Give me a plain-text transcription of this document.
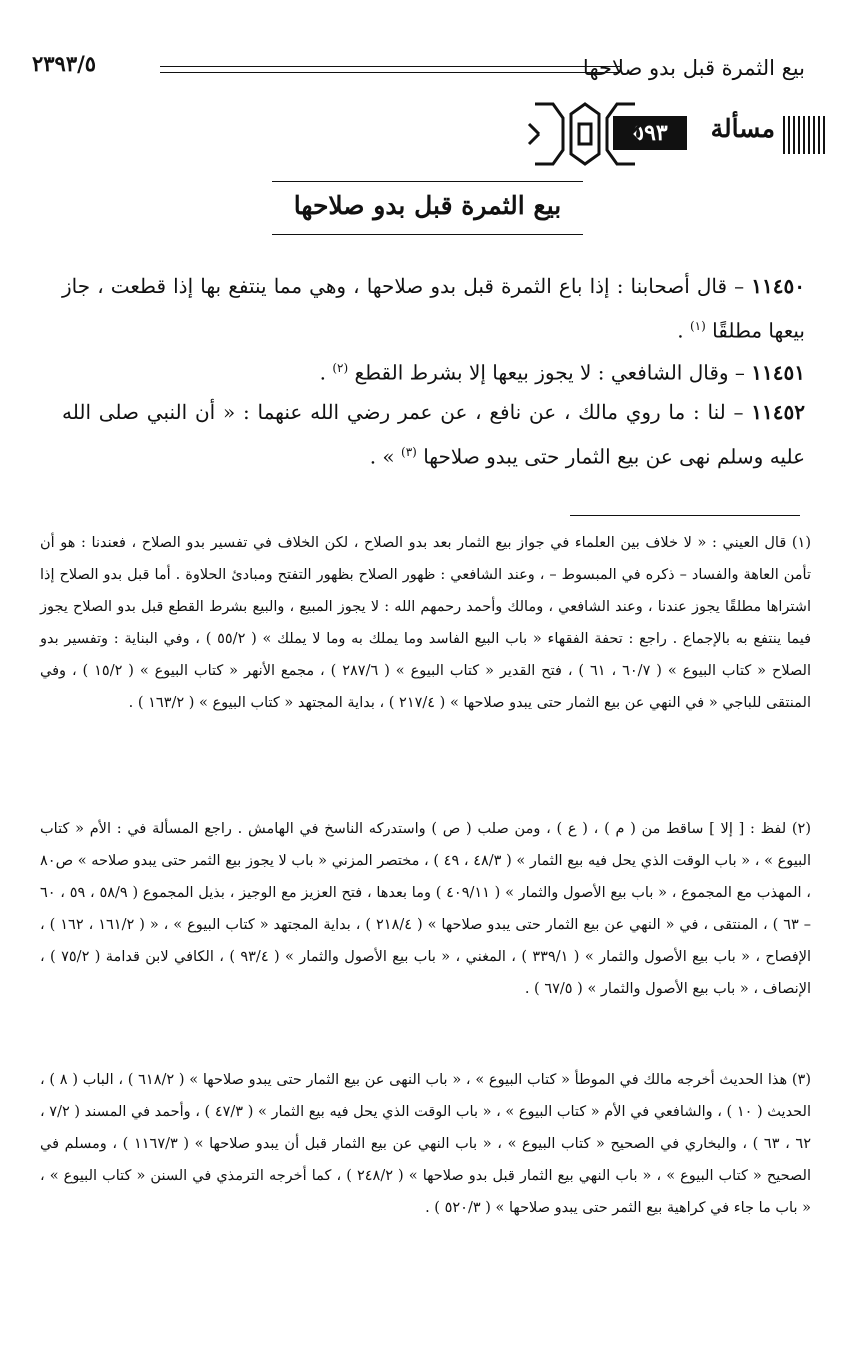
بيع الثمرة قبل بدو صلاحها
٢٣٩٣/٥
مسألة
٥٩٣
بيع الثمرة قبل بدو صلاحها
١١٤٥٠ – قال أصحابنا : إذا باع الثمرة قبل بدو صلاحها ، وهي مما ينتفع بها إذا قطعت ، جاز بيعها مطلقًا $^{(١)}$ .
١١٤٥١ – وقال الشافعي : لا يجوز بيعها إلا بشرط القطع $^{(٢)}$ .
١١٤٥٢ – لنا : ما روي مالك ، عن نافع ، عن عمر رضي الله عنهما : « أن النبي صلى الله عليه وسلم نهى عن بيع الثمار حتى يبدو صلاحها $^{(٣)}$ » .
(١) قال العيني : « لا خلاف بين العلماء في جواز بيع الثمار بعد بدو الصلاح ، لكن الخلاف في تفسير بدو الصلاح ، فعندنا : هو أن تأمن العاهة والفساد – ذكره في المبسوط – ، وعند الشافعي : ظهور الصلاح بظهور التفتح ومبادئ الحلاوة . أما قبل بدو الصلاح إذا اشتراها مطلقًا يجوز عندنا ، وعند الشافعي ، ومالك وأحمد رحمهم الله : لا يجوز المبيع ، والبيع بشرط القطع قبل بدو الصلاح يجوز فيما ينتفع به بالإجماع . راجع : تحفة الفقهاء « باب البيع الفاسد وما يملك به وما لا يملك » ( ٥٥/٢ ) ، وفي البناية : وتفسير بدو الصلاح « كتاب البيوع » ( ٦٠/٧ ، ٦١ ) ، فتح القدير « كتاب البيوع » ( ٢٨٧/٦ ) ، مجمع الأنهر « كتاب البيوع » ( ١٥/٢ ) ، وفي المنتقى للباجي « في النهي عن بيع الثمار حتى يبدو صلاحها » ( ٢١٧/٤ ) ، بداية المجتهد « كتاب البيوع » ( ١٦٣/٢ ) .
(٢) لفظ : [ إلا ] ساقط من ( م ) ، ( ع ) ، ومن صلب ( ص ) واستدركه الناسخ في الهامش . راجع المسألة في : الأم « كتاب البيوع » ، « باب الوقت الذي يحل فيه بيع الثمار » ( ٤٨/٣ ، ٤٩ ) ، مختصر المزني « باب لا يجوز بيع الثمر حتى يبدو صلاحه » ص٨٠ ، المهذب مع المجموع ، « باب بيع الأصول والثمار » ( ٤٠٩/١١ ) وما بعدها ، فتح العزيز مع الوجيز ، بذيل المجموع ( ٥٨/٩ ، ٥٩ ، ٦٠ – ٦٣ ) ، المنتقى ، في « النهي عن بيع الثمار حتى يبدو صلاحها » ( ٢١٨/٤ ) ، بداية المجتهد « كتاب البيوع » ، « ( ١٦١/٢ ، ١٦٢ ) ، الإفصاح ، « باب بيع الأصول والثمار » ( ٣٣٩/١ ) ، المغني ، « باب بيع الأصول والثمار » ( ٩٣/٤ ) ، الكافي لابن قدامة ( ٧٥/٢ ) ، الإنصاف ، « باب بيع الأصول والثمار » ( ٦٧/٥ ) .
(٣) هذا الحديث أخرجه مالك في الموطأ « كتاب البيوع » ، « باب النهى عن بيع الثمار حتى يبدو صلاحها » ( ٦١٨/٢ ) ، الباب ( ٨ ) ، الحديث ( ١٠ ) ، والشافعي في الأم « كتاب البيوع » ، « باب الوقت الذي يحل فيه بيع الثمار » ( ٤٧/٣ ) ، وأحمد في المسند ( ٧/٢ ، ٦٢ ، ٦٣ ) ، والبخاري في الصحيح « كتاب البيوع » ، « باب النهي عن بيع الثمار قبل أن يبدو صلاحها » ( ١١٦٧/٣ ) ، ومسلم في الصحيح « كتاب البيوع » ، « باب النهي بيع الثمار قبل بدو صلاحها » ( ٢٤٨/٢ ) ، كما أخرجه الترمذي في السنن « كتاب البيوع » ، « باب ما جاء في كراهية بيع الثمر حتى يبدو صلاحها » ( ٥٢٠/٣ ) .
